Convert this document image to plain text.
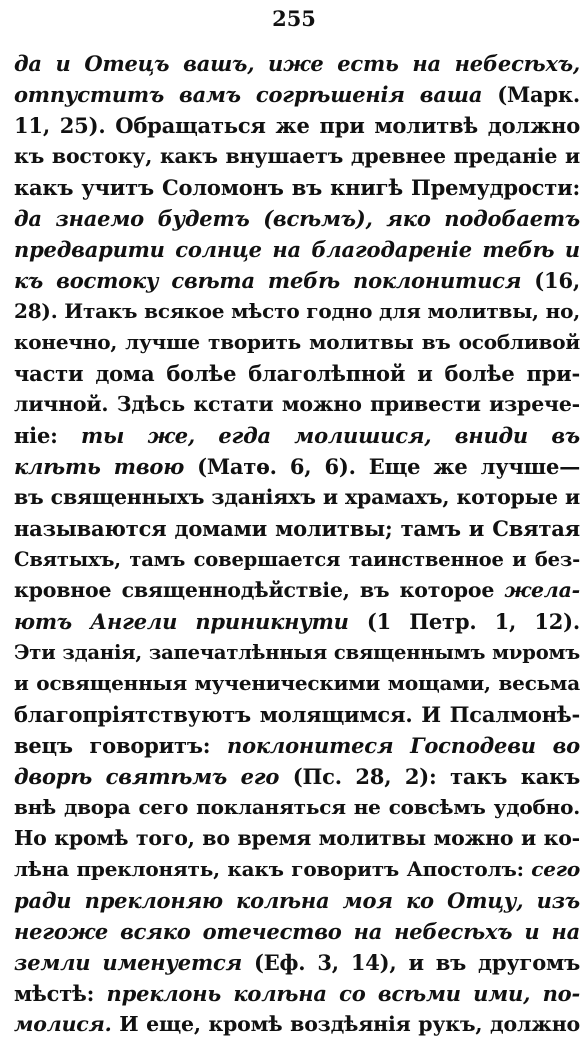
255
да и Отецъ вашъ, иже есть на небесѣхъ,
отпуститъ вамъ согрѣшенія ваша (Марк.
11, 25). Обращаться же при молитвѣ должно
къ востоку, какъ внушаетъ древнее преданіе и
какъ учитъ Соломонъ въ книгѣ Премудрости:
да знаемо будетъ (всѣмъ), яко подобаетъ
предварити солнце на благодареніе тебѣ и
къ востоку свѣта тебѣ поклонитися (16,
28). Итакъ всякое мѣсто годно для молитвы, но,
конечно, лучше творить молитвы въ особливой
части дома болѣе благолѣпной и болѣе при-
личной. Здѣсь кстати можно привести изрече-
ніе: ты же, егда молишися, вниди въ
клѣть твою (Матѳ. 6, 6). Еще же лучше—
въ священныхъ зданіяхъ и храмахъ, которые и
называются домами молитвы; тамъ и Святая
Святыхъ, тамъ совершается таинственное и без-
кровное священнодѣйствіе, въ которое желa-
ютъ Ангели приникнути (1 Петр. 1, 12).
Эти зданія, запечатлѣнныя священнымъ мνромъ
и освященныя мученическими мощами, весьма
благопріятствуютъ молящимся. И Псалмонѣ-
вецъ говоритъ: поклонитеся Господеви во
дворѣ святѣмъ его (Пс. 28, 2): такъ какъ
внѣ двора сего покланяться не совсѣмъ удобно.
Но кромѣ того, во время молитвы можно и ко-
лѣна преклонять, какъ говоритъ Апостолъ: сего
ради преклоняю колѣна моя ко Отцу, изъ
негоже всяко отечество на небесѣхъ и на
земли именуется (Еф. 3, 14), и въ другомъ
мѣстѣ: преклонь колѣна со всѣми ими, по-
молися. И еще, кромѣ воздѣянія рукъ, должно
